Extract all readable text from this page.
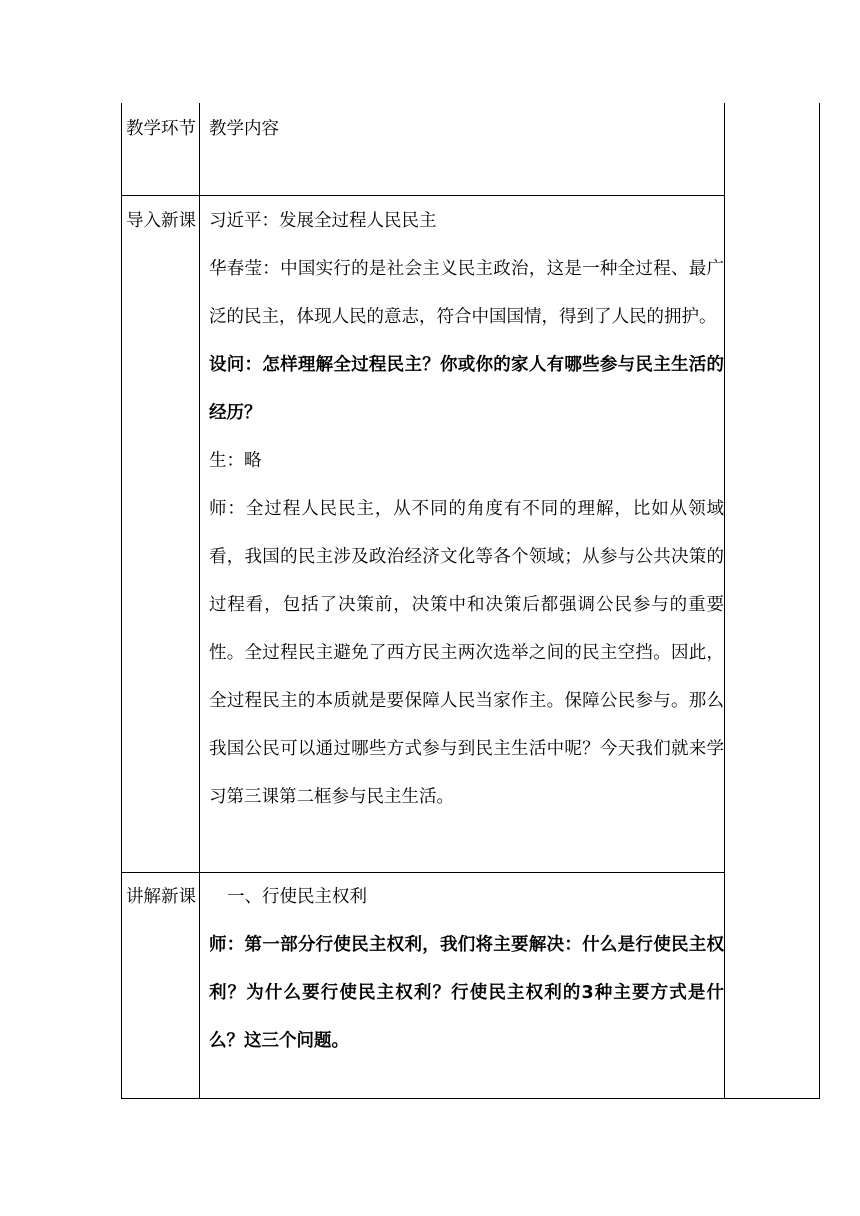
教学环节 教学内容

导入新课 习近平：发展全过程人民民主

华春莹：中国实行的是社会主义民主政治，这是一种全过程、最广泛的民主，体现人民的意志，符合中国国情，得到了人民的拥护。

设问：怎样理解全过程民主？你或你的家人有哪些参与民主生活的经历？

生：略

师：全过程人民民主，从不同的角度有不同的理解，比如从领域看，我国的民主涉及政治经济文化等各个领域；从参与公共决策的过程看，包括了决策前，决策中和决策后都强调公民参与的重要性。全过程民主避免了西方民主两次选举之间的民主空挡。因此，全过程民主的本质就是要保障人民当家作主。保障公民参与。那么我国公民可以通过哪些方式参与到民主生活中呢？今天我们就来学习第三课第二框参与民主生活。

讲解新课	一、行使民主权利

师：第一部分行使民主权利，我们将主要解决：什么是行使民主权利？为什么要行使民主权利？行使民主权利的3种主要方式是什么？这三个问题。
